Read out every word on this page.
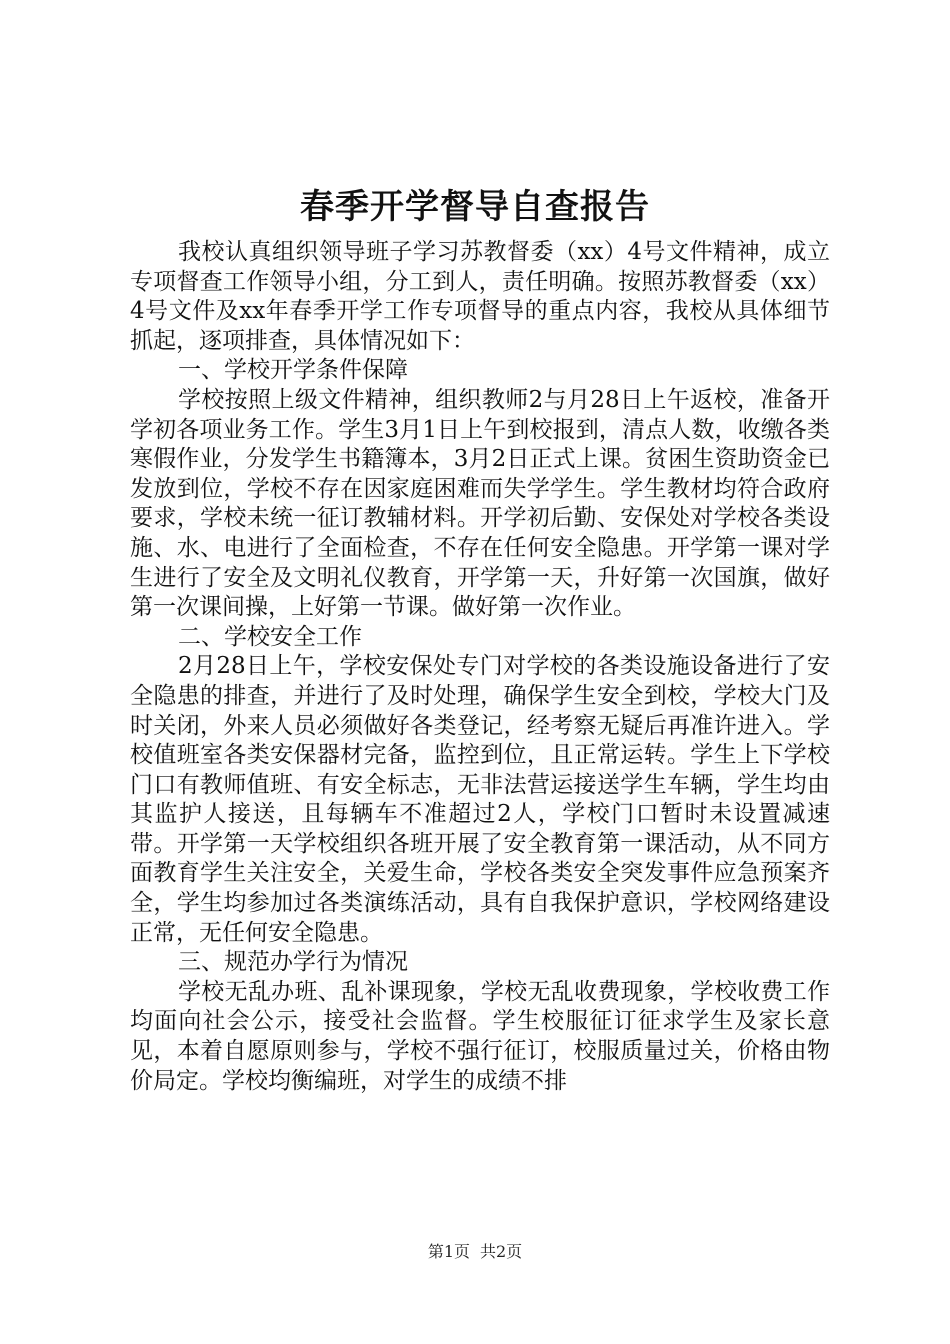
春季开学督导自查报告

我校认真组织领导班子学习苏教督委（xx）4号文件精神，成立专项督查工作领导小组，分工到人，责任明确。按照苏教督委（xx）4号文件及xx年春季开学工作专项督导的重点内容，我校从具体细节抓起，逐项排查，具体情况如下：

一、学校开学条件保障

学校按照上级文件精神，组织教师2与月28日上午返校，准备开学初各项业务工作。学生3月1日上午到校报到，清点人数，收缴各类寒假作业，分发学生书籍簿本，3月2日正式上课。贫困生资助资金已发放到位，学校不存在因家庭困难而失学学生。学生教材均符合政府要求，学校未统一征订教辅材料。开学初后勤、安保处对学校各类设施、水、电进行了全面检查，不存在任何安全隐患。开学第一课对学生进行了安全及文明礼仪教育，开学第一天，升好第一次国旗，做好第一次课间操，上好第一节课。做好第一次作业。

二、学校安全工作

2月28日上午，学校安保处专门对学校的各类设施设备进行了安全隐患的排查，并进行了及时处理，确保学生安全到校，学校大门及时关闭，外来人员必须做好各类登记，经考察无疑后再准许进入。学校值班室各类安保器材完备，监控到位，且正常运转。学生上下学校门口有教师值班、有安全标志，无非法营运接送学生车辆，学生均由其监护人接送，且每辆车不准超过2人，学校门口暂时未设置减速带。开学第一天学校组织各班开展了安全教育第一课活动，从不同方面教育学生关注安全，关爱生命，学校各类安全突发事件应急预案齐全，学生均参加过各类演练活动，具有自我保护意识，学校网络建设正常，无任何安全隐患。

三、规范办学行为情况

学校无乱办班、乱补课现象，学校无乱收费现象，学校收费工作均面向社会公示，接受社会监督。学生校服征订征求学生及家长意见，本着自愿原则参与，学校不强行征订，校服质量过关，价格由物价局定。学校均衡编班，对学生的成绩不排

第1页 共2页
